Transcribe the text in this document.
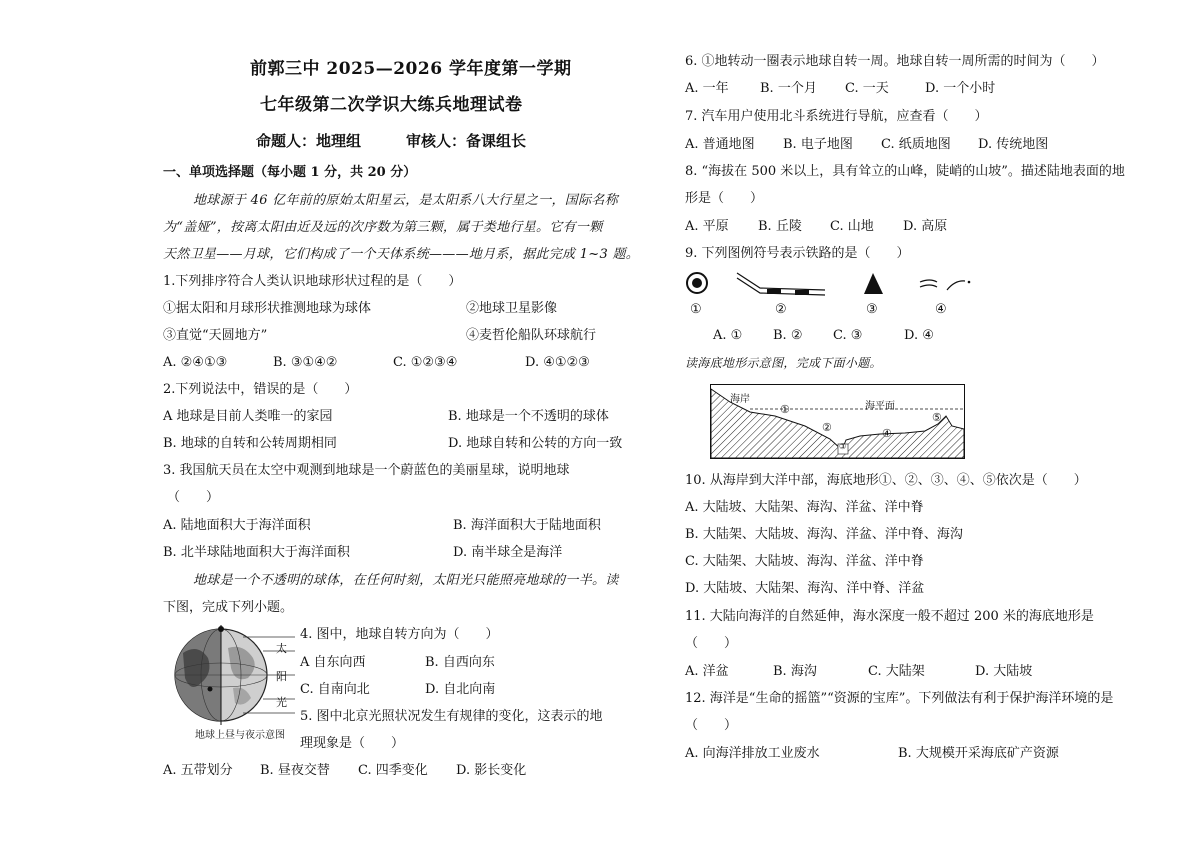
前郭三中 2025—2026 学年度第一学期
七年级第二次学识大练兵地理试卷
命题人：地理组　　　审核人：备课组长
一、单项选择题（每小题 1 分，共 20 分）
地球源于 46 亿年前的原始太阳星云，是太阳系八大行星之一，国际名称
为“盖娅”，按离太阳由近及远的次序数为第三颗，属于类地行星。它有一颗
天然卫星——月球，它们构成了一个天体系统———地月系，据此完成 1~3 题。
1.下列排序符合人类认识地球形状过程的是（　　）
①据太阳和月球形状推测地球为球体	②地球卫星影像
③直觉“天圆地方”	④麦哲伦船队环球航行
A. ②④①③	B. ③①④②	C. ①②③④	D. ④①②③
2.下列说法中，错误的是（　　）
A 地球是目前人类唯一的家园	B. 地球是一个不透明的球体
B. 地球的自转和公转周期相同	D. 地球自转和公转的方向一致
3. 我国航天员在太空中观测到地球是一个蔚蓝色的美丽星球，说明地球
（　　）
A. 陆地面积大于海洋面积	B. 海洋面积大于陆地面积
B. 北半球陆地面积大于海洋面积	D. 南半球全是海洋
地球是一个不透明的球体，在任何时刻，太阳光只能照亮地球的一半。读
下图，完成下列小题。
太
阳
光
地球上昼与夜示意图
4. 图中，地球自转方向为（　　）
A 自东向西	B. 自西向东
C. 自南向北	D. 自北向南
5. 图中北京光照状况发生有规律的变化，这表示的地
理现象是（　　）
A. 五带划分 B. 昼夜交替 C. 四季变化 D. 影长变化
6. ①地转动一圈表示地球自转一周。地球自转一周所需的时间为（　　）
A. 一年 B. 一个月 C. 一天	D. 一个小时
7. 汽车用户使用北斗系统进行导航，应查看（　　）
A. 普通地图 B. 电子地图 C. 纸质地图 D. 传统地图
8. “海拔在 500 米以上，具有耸立的山峰，陡峭的山坡”。描述陆地表面的地
形是（　　）
A. 平原 B. 丘陵 C. 山地 D. 高原
9. 下列图例符号表示铁路的是（　　）
①	②	③	④
A. ① B. ② C. ③	D. ④
读海底地形示意图，完成下面小题。
海岸
海平面
①
②
③
④
⑤
10. 从海岸到大洋中部，海底地形①、②、③、④、⑤依次是（　　）
A. 大陆坡、大陆架、海沟、洋盆、洋中脊
B. 大陆架、大陆坡、海沟、洋盆、洋中脊、海沟
C. 大陆架、大陆坡、海沟、洋盆、洋中脊
D. 大陆坡、大陆架、海沟、洋中脊、洋盆
11. 大陆向海洋的自然延伸，海水深度一般不超过 200 米的海底地形是
（　　）
A. 洋盆	B. 海沟	C. 大陆架	D. 大陆坡
12. 海洋是“生命的摇篮”“资源的宝库”。下列做法有利于保护海洋环境的是
（　　）
A. 向海洋排放工业废水	B. 大规模开采海底矿产资源
